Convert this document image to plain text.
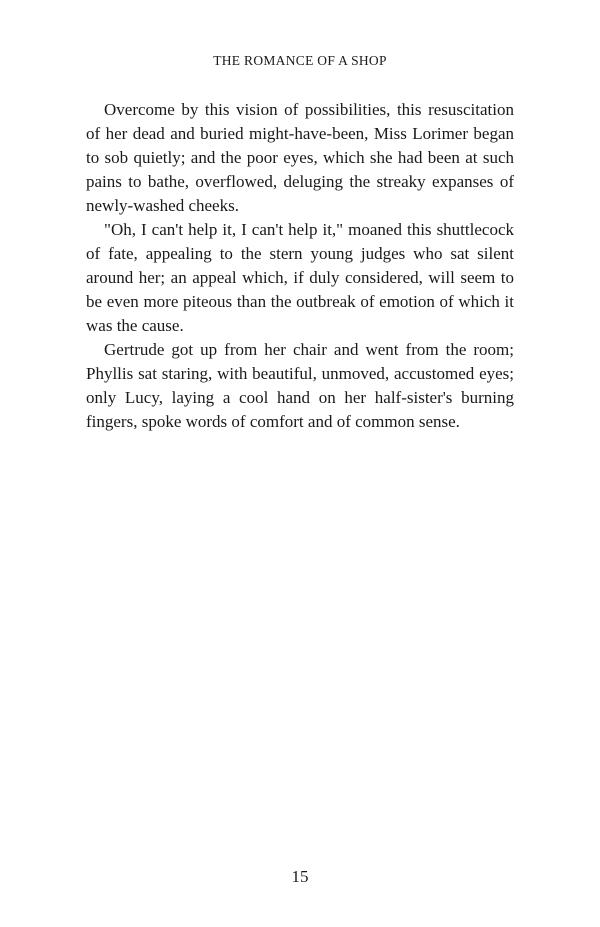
THE ROMANCE OF A SHOP

Overcome by this vision of possibilities, this resuscitation of her dead and buried might-have-been, Miss Lorimer began to sob quietly; and the poor eyes, which she had been at such pains to bathe, overflowed, deluging the streaky expanses of newly-washed cheeks.

"Oh, I can't help it, I can't help it," moaned this shuttlecock of fate, appealing to the stern young judges who sat silent around her; an appeal which, if duly considered, will seem to be even more piteous than the outbreak of emotion of which it was the cause.

Gertrude got up from her chair and went from the room; Phyllis sat staring, with beautiful, unmoved, accustomed eyes; only Lucy, laying a cool hand on her half-sister's burning fingers, spoke words of comfort and of common sense.

15
